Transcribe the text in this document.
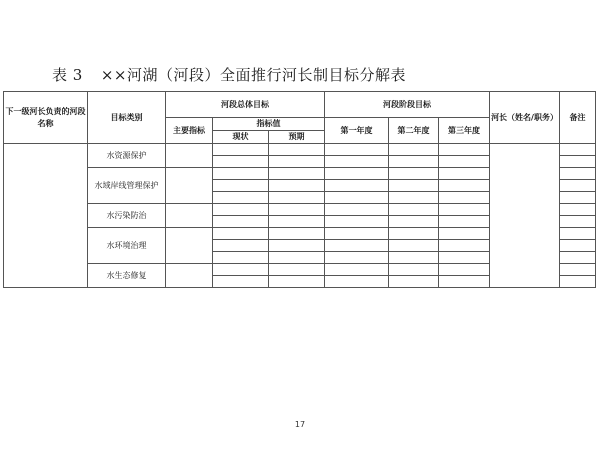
表 3 ××河湖（河段）全面推行河长制目标分解表
下一级河长负责的河段名称	目标类别	河段总体目标			河段阶段目标			河长（姓名/职务）	备注
		主要指标	指标值		第一年度	第二年度	第三年度		
			现状	预期					
	水资源保护								

	水域岸线管理保护								

	水污染防治								

	水环境治理								

	水生态修复								

17
